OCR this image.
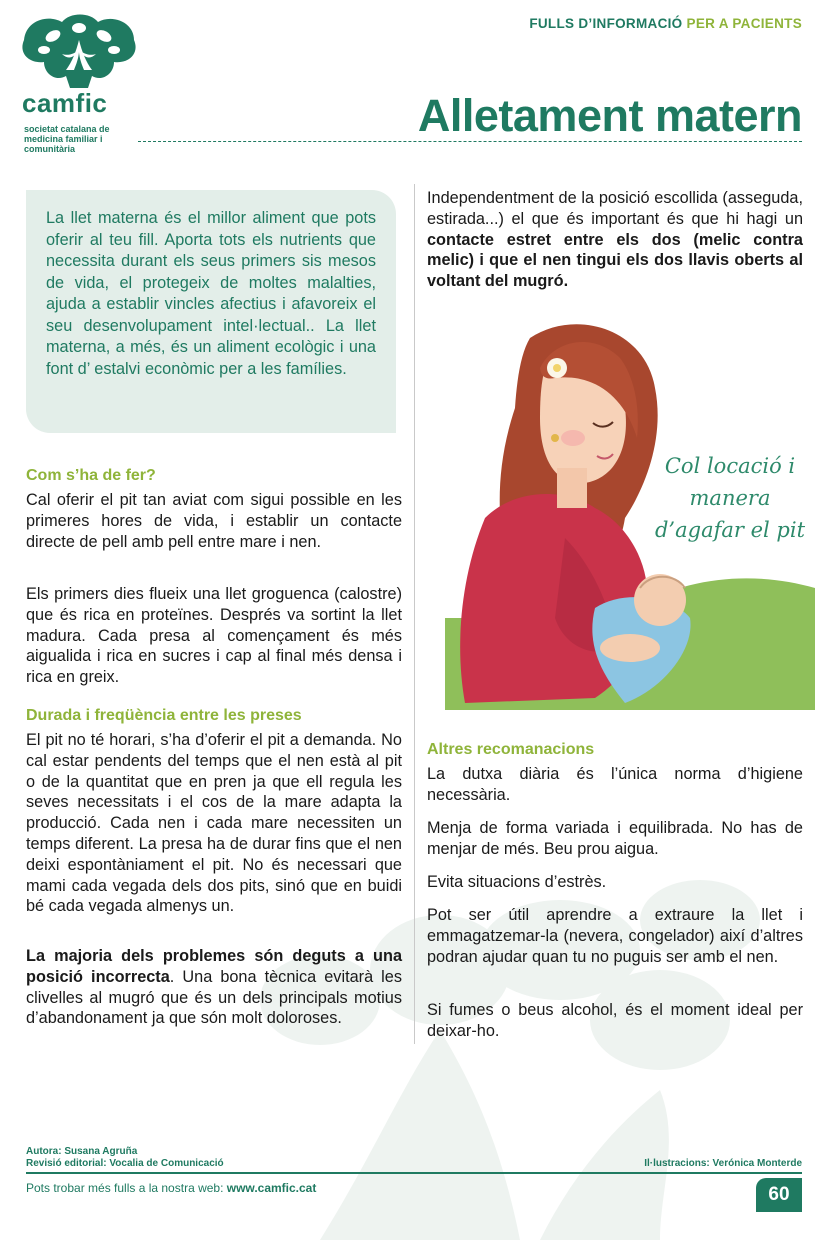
camfic
societat catalana de medicina familiar i comunitària
FULLS D’INFORMACIÓ PER A PACIENTS
Alletament matern

La llet materna és el millor aliment que pots oferir al teu fill. Aporta tots els nutrients que necessita durant els seus primers sis mesos de vida, el protegeix de moltes malalties, ajuda a establir vincles afectius i afavoreix el seu desenvolupament intel·lectual.. La llet materna, a més, és un aliment ecològic i una font d’ estalvi econòmic per a les famílies.

Com s’ha de fer?

Cal oferir el pit tan aviat com sigui possible en les primeres hores de vida, i establir un contacte directe de pell amb pell entre mare i nen.

Els primers dies flueix una llet groguenca (calostre) que és rica en proteïnes. Després va sortint la llet madura. Cada presa al començament és més aigualida i rica en sucres i cap al final més densa i rica en greix.

Durada i freqüència entre les preses

El pit no té horari, s’ha d’oferir el pit a demanda. No cal estar pendents del temps que el nen està al pit o de la quantitat que en pren ja que ell regula les seves necessitats i el cos de la mare adapta la producció. Cada nen i cada mare necessiten un temps diferent. La presa ha de durar fins que el nen deixi espontàniament el pit. No és necessari que mami cada vegada dels dos pits, sinó que en buidi bé cada vegada almenys un.

La majoria dels problemes són deguts a una posició incorrecta. Una bona tècnica evitarà les clivelles al mugró que és un dels principals motius d’abandonament ja que són molt doloroses.

Independentment de la posició escollida (asseguda, estirada...) el que és important és que hi hagi un contacte estret entre els dos (melic contra melic) i que el nen tingui els dos llavis oberts al voltant del mugró.

Col locació i manera d’agafar el pit
Altres recomanacions

La dutxa diària és l’única norma d’higiene necessària.

Menja de forma variada i equilibrada. No has de menjar de més. Beu prou aigua.

Evita situacions d’estrès.

Pot ser útil aprendre a extraure la llet i emmagatzemar-la (nevera, congelador) així d’altres podran ajudar quan tu no puguis ser amb el nen.

Si fumes o beus alcohol, és el moment ideal per deixar-ho.

Autora: Susana Agruña
Revisió editorial: Vocalia de Comunicació	Il·lustracions: Verónica Monterde
Pots trobar més fulls a la nostra web: www.camfic.cat	60
